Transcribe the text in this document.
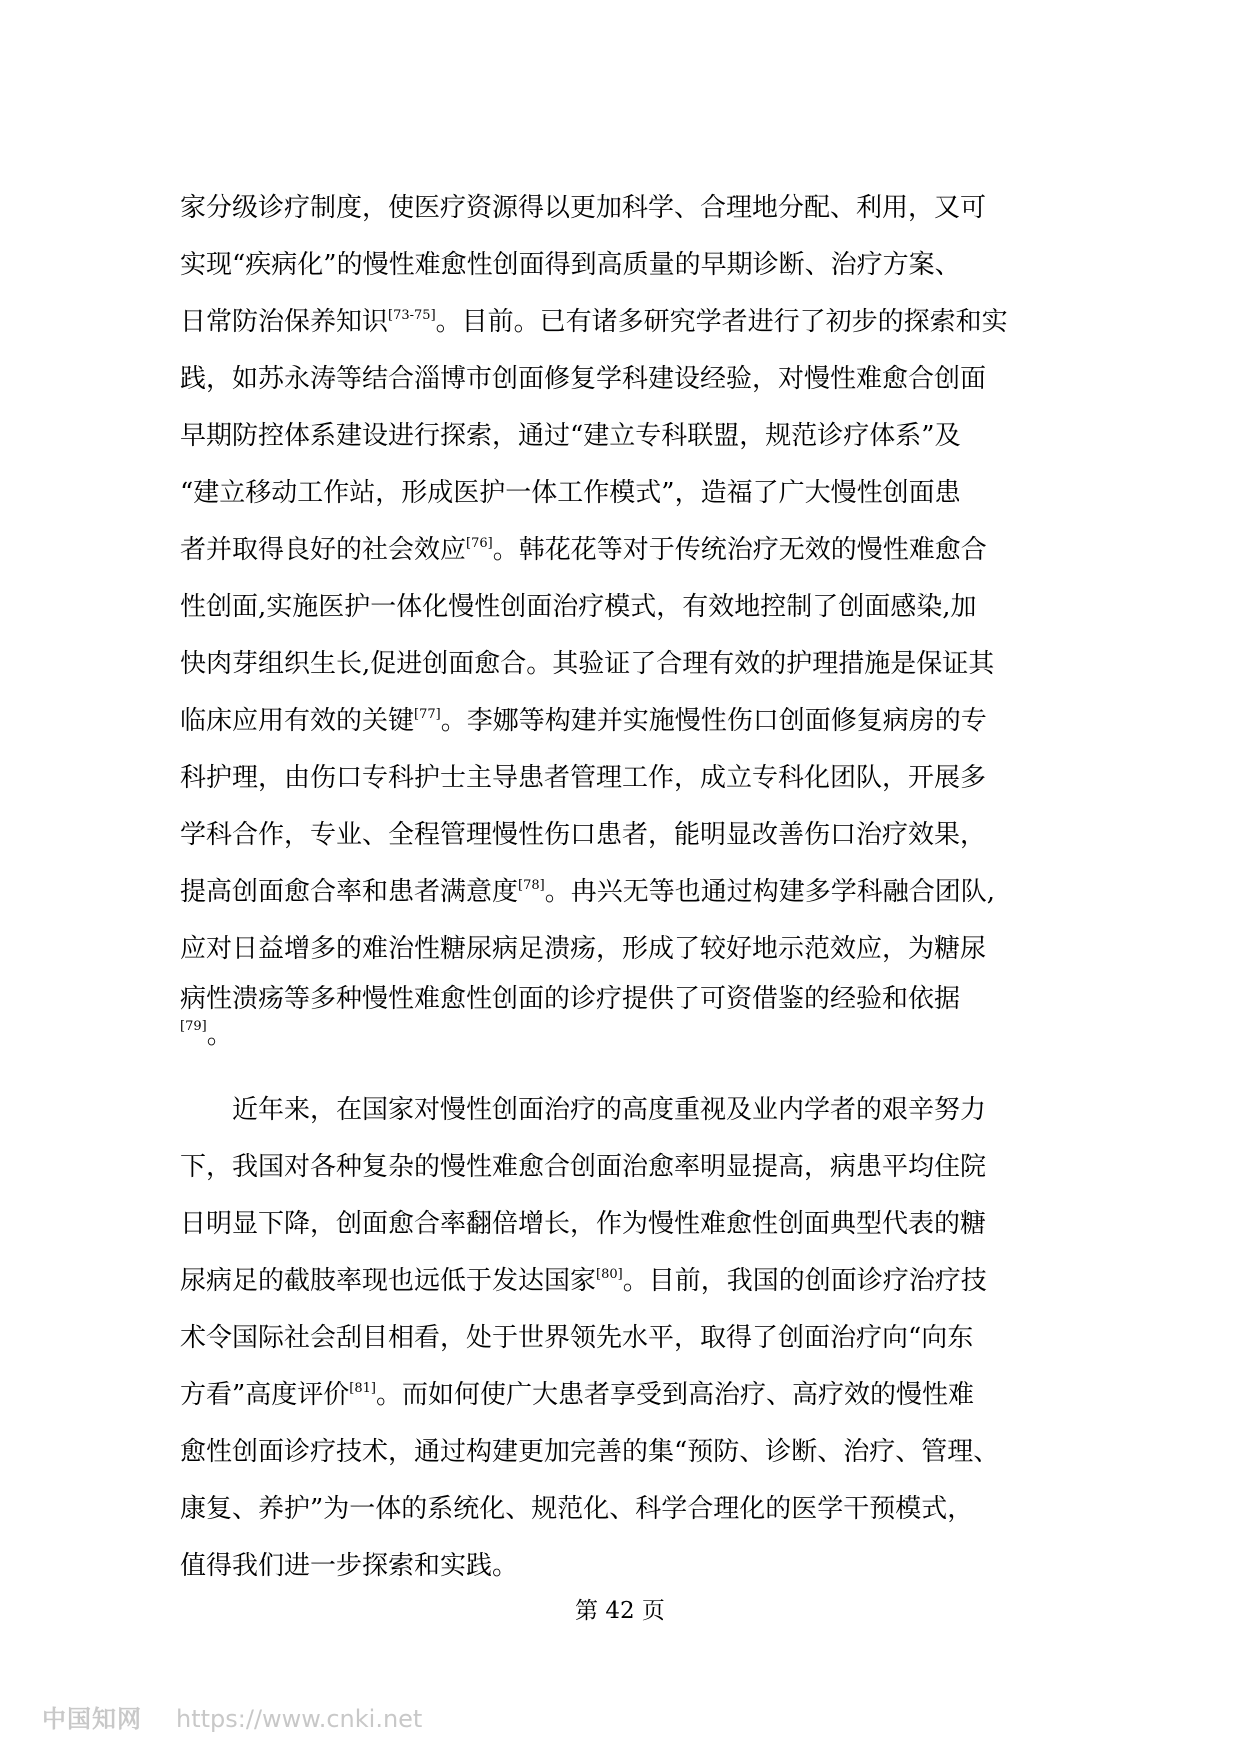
家分级诊疗制度，使医疗资源得以更加科学、合理地分配、利用，又可
实现“疾病化”的慢性难愈性创面得到高质量的早期诊断、治疗方案、
日常防治保养知识[73-75]。目前。已有诸多研究学者进行了初步的探索和实
践，如苏永涛等结合淄博市创面修复学科建设经验，对慢性难愈合创面
早期防控体系建设进行探索，通过“建立专科联盟，规范诊疗体系”及
“建立移动工作站，形成医护一体工作模式”，造福了广大慢性创面患
者并取得良好的社会效应[76]。韩花花等对于传统治疗无效的慢性难愈合
性创面,实施医护一体化慢性创面治疗模式，有效地控制了创面感染,加
快肉芽组织生长,促进创面愈合。其验证了合理有效的护理措施是保证其
临床应用有效的关键[77]。李娜等构建并实施慢性伤口创面修复病房的专
科护理，由伤口专科护士主导患者管理工作，成立专科化团队，开展多
学科合作，专业、全程管理慢性伤口患者，能明显改善伤口治疗效果，
提高创面愈合率和患者满意度[78]。冉兴无等也通过构建多学科融合团队,
应对日益增多的难治性糖尿病足溃疡，形成了较好地示范效应，为糖尿
病性溃疡等多种慢性难愈性创面的诊疗提供了可资借鉴的经验和依据
[79]。
近年来，在国家对慢性创面治疗的高度重视及业内学者的艰辛努力
下，我国对各种复杂的慢性难愈合创面治愈率明显提高，病患平均住院
日明显下降，创面愈合率翻倍增长，作为慢性难愈性创面典型代表的糖
尿病足的截肢率现也远低于发达国家[80]。目前，我国的创面诊疗治疗技
术令国际社会刮目相看，处于世界领先水平，取得了创面治疗向“向东
方看”高度评价[81]。而如何使广大患者享受到高治疗、高疗效的慢性难
愈性创面诊疗技术，通过构建更加完善的集“预防、诊断、治疗、管理、
康复、养护”为一体的系统化、规范化、科学合理化的医学干预模式，
值得我们进一步探索和实践。
第 42 页
中国知网 https://www.cnki.net
